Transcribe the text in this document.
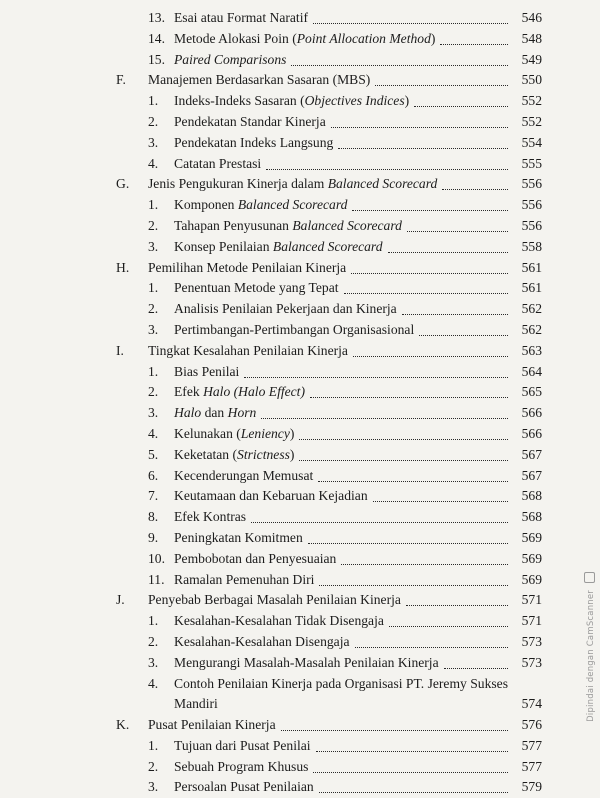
13. Esai atau Format Naratif	546
14. Metode Alokasi Poin (Point Allocation Method)	548
15. Paired Comparisons	549
F. Manajemen Berdasarkan Sasaran (MBS)	550
1. Indeks-Indeks Sasaran (Objectives Indices)	552
2. Pendekatan Standar Kinerja	552
3. Pendekatan Indeks Langsung	554
4. Catatan Prestasi	555
G. Jenis Pengukuran Kinerja dalam Balanced Scorecard	556
1. Komponen Balanced Scorecard	556
2. Tahapan Penyusunan Balanced Scorecard	556
3. Konsep Penilaian Balanced Scorecard	558
H. Pemilihan Metode Penilaian Kinerja	561
1. Penentuan Metode yang Tepat	561
2. Analisis Penilaian Pekerjaan dan Kinerja	562
3. Pertimbangan-Pertimbangan Organisasional	562
I. Tingkat Kesalahan Penilaian Kinerja	563
1. Bias Penilai	564
2. Efek Halo (Halo Effect)	565
3. Halo dan Horn	566
4. Kelunakan (Leniency)	566
5. Keketatan (Strictness)	567
6. Kecenderungan Memusat	567
7. Keutamaan dan Kebaruan Kejadian	568
8. Efek Kontras	568
9. Peningkatan Komitmen	569
10. Pembobotan dan Penyesuaian	569
11. Ramalan Pemenuhan Diri	569
J. Penyebab Berbagai Masalah Penilaian Kinerja	571
1. Kesalahan-Kesalahan Tidak Disengaja	571
2. Kesalahan-Kesalahan Disengaja	573
3. Mengurangi Masalah-Masalah Penilaian Kinerja	573
4. Contoh Penilaian Kinerja pada Organisasi PT. Jeremy Sukses Mandiri	574
K. Pusat Penilaian Kinerja	576
1. Tujuan dari Pusat Penilai	577
2. Sebuah Program Khusus	577
3. Persoalan Pusat Penilaian	579
Dipindai dengan CamScanner
